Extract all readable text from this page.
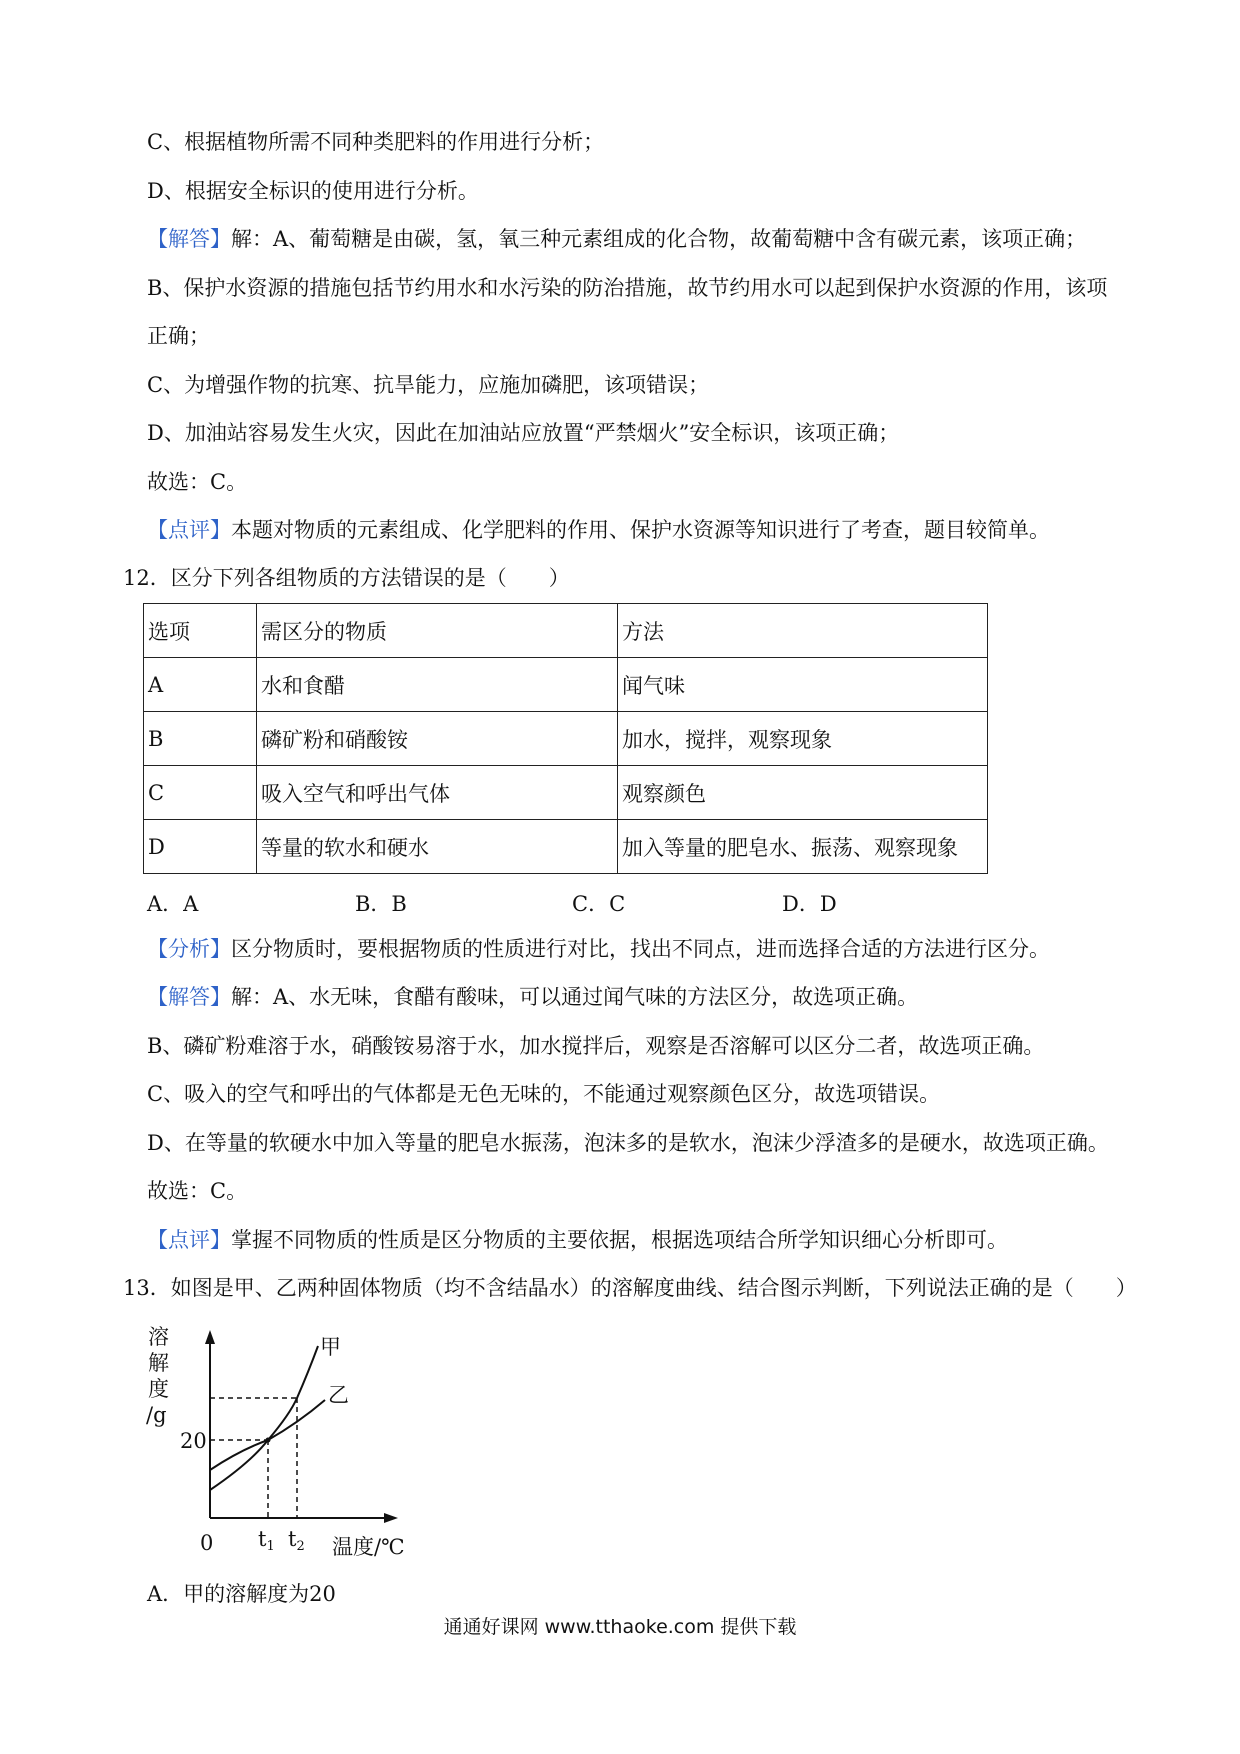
C、根据植物所需不同种类肥料的作用进行分析；
D、根据安全标识的使用进行分析。
【解答】解：A、葡萄糖是由碳，氢，氧三种元素组成的化合物，故葡萄糖中含有碳元素，该项正确；
B、保护水资源的措施包括节约用水和水污染的防治措施，故节约用水可以起到保护水资源的作用，该项
正确；
C、为增强作物的抗寒、抗旱能力，应施加磷肥，该项错误；
D、加油站容易发生火灾，因此在加油站应放置“严禁烟火”安全标识，该项正确；
故选：C。
【点评】本题对物质的元素组成、化学肥料的作用、保护水资源等知识进行了考查，题目较简单。
12．区分下列各组物质的方法错误的是（　　）
选项	需区分的物质	方法
A	水和食醋	闻气味
B	磷矿粉和硝酸铵	加水，搅拌，观察现象
C	吸入空气和呼出气体	观察颜色
D	等量的软水和硬水	加入等量的肥皂水、振荡、观察现象
A．A	B．B	C．C	D．D
【分析】区分物质时，要根据物质的性质进行对比，找出不同点，进而选择合适的方法进行区分。
【解答】解：A、水无味，食醋有酸味，可以通过闻气味的方法区分，故选项正确。
B、磷矿粉难溶于水，硝酸铵易溶于水，加水搅拌后，观察是否溶解可以区分二者，故选项正确。
C、吸入的空气和呼出的气体都是无色无味的，不能通过观察颜色区分，故选项错误。
D、在等量的软硬水中加入等量的肥皂水振荡，泡沫多的是软水，泡沫少浮渣多的是硬水，故选项正确。
故选：C。
【点评】掌握不同物质的性质是区分物质的主要依据，根据选项结合所学知识细心分析即可。
13．如图是甲、乙两种固体物质（均不含结晶水）的溶解度曲线、结合图示判断，下列说法正确的是（　　）
溶
解
度
/g
20
0 t1 t2 温度/℃
甲
乙
A．甲的溶解度为20
通通好课网 www.tthaoke.com 提供下载
